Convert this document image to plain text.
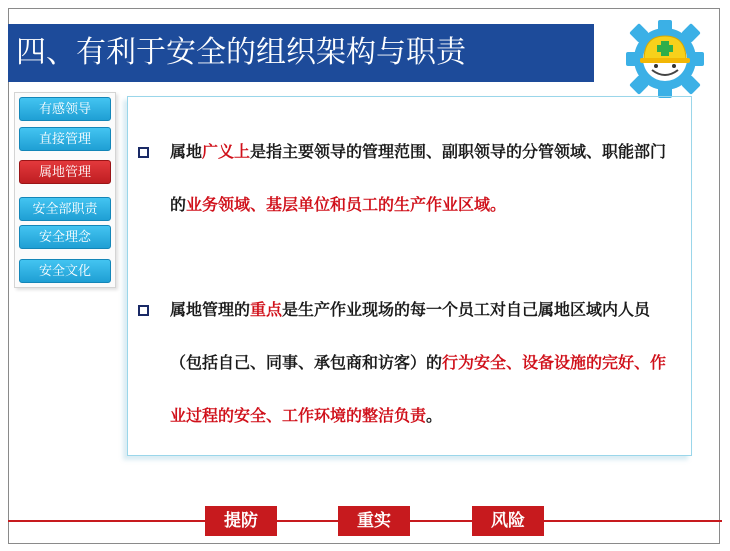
四、有利于安全的组织架构与职责
有感领导
直接管理
属地管理
安全部职责
安全理念
安全文化
属地广义上是指主要领导的管理范围、副职领导的分管领域、职能部门的业务领域、基层单位和员工的生产作业区域。
属地管理的重点是生产作业现场的每一个员工对自己属地区域内人员（包括自己、同事、承包商和访客）的行为安全、设备设施的完好、作业过程的安全、工作环境的整洁负责。
提防	重实	风险
